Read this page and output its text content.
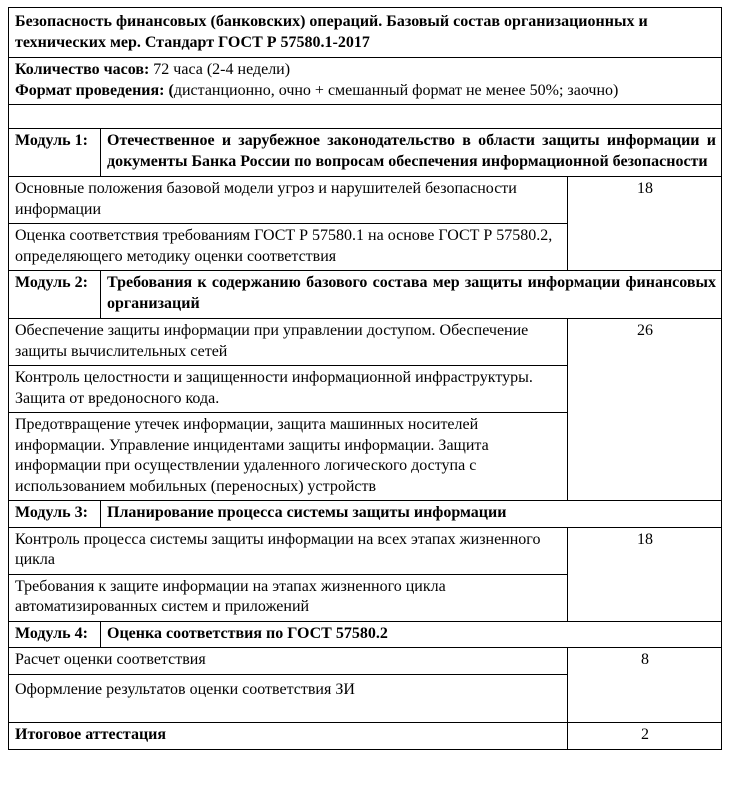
Безопасность финансовых (банковских) операций. Базовый состав организационных и технических мер. Стандарт ГОСТ Р 57580.1-2017		

Количество часов: 72 часа (2-4 недели)
Формат проведения: (дистанционно, очно + смешанный формат не менее 50%; заочно)		

Модуль 1:	Отечественное и зарубежное законодательство в области защиты информации и документы Банка России по вопросам обеспечения информационной безопасности	
Основные положения базовой модели угроз и нарушителей безопасности информации		18
Оценка соответствия требованиям ГОСТ Р 57580.1 на основе ГОСТ Р 57580.2, определяющего методику оценки соответствия		
Модуль 2:	Требования к содержанию базового состава мер защиты информации финансовых организаций	
Обеспечение защиты информации при управлении доступом. Обеспечение защиты вычислительных сетей		26
Контроль целостности и защищенности информационной инфраструктуры. Защита от вредоносного кода.		
Предотвращение утечек информации, защита машинных носителей информации. Управление инцидентами защиты информации. Защита информации при осуществлении удаленного логического доступа с использованием мобильных (переносных) устройств		
Модуль 3:	Планирование процесса системы защиты информации	
Контроль процесса системы защиты информации на всех этапах жизненного цикла		18
Требования к защите информации на этапах жизненного цикла автоматизированных систем и приложений		
Модуль 4:	Оценка соответствия по ГОСТ 57580.2	
Расчет оценки соответствия		8
Оформление результатов оценки соответствия ЗИ		
Итоговое аттестация		2
